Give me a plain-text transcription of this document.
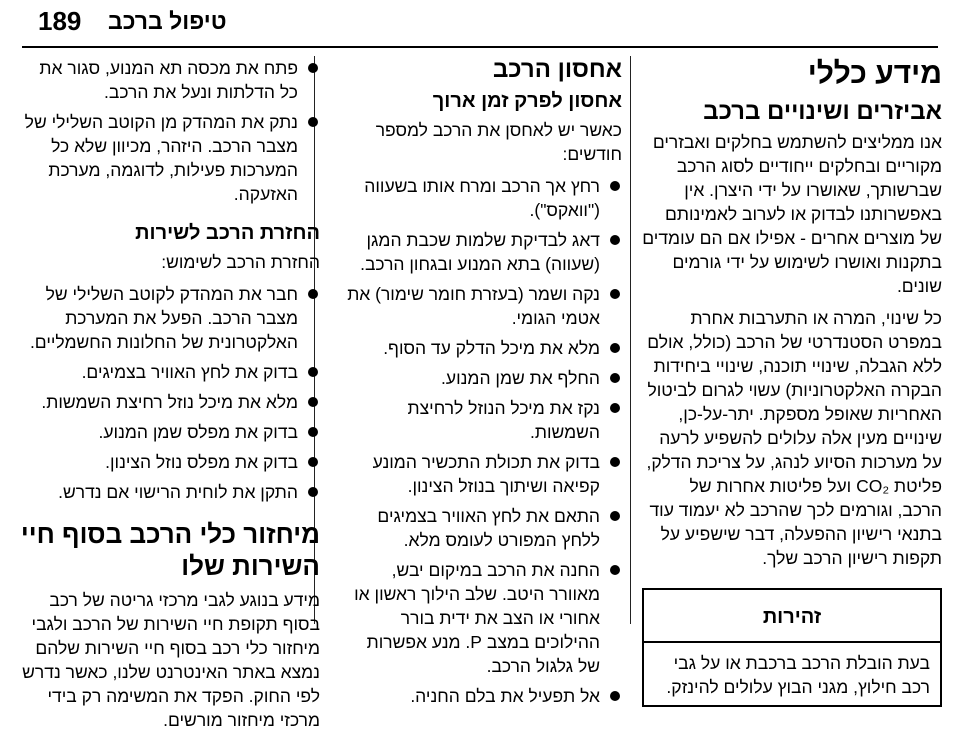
189 טיפול ברכב
מידע כללי
אביזרים ושינויים ברכב

אנו ממליצים להשתמש בחלקים ואבזרים מקוריים ובחלקים ייחודיים לסוג הרכב שברשותך, שאושרו על ידי היצרן. אין באפשרותנו לבדוק או לערוב לאמינותם של מוצרים אחרים - אפילו אם הם עומדים בתקנות ואושרו לשימוש על ידי גורמים שונים.

כל שינוי, המרה או התערבות אחרת במפרט הסטנדרטי של הרכב (כולל, אולם ללא הגבלה, שינויי תוכנה, שינויי ביחידות הבקרה האלקטרוניות) עשוי לגרום לביטול האחריות שאופל מספקת. יתר-על-כן, שינויים מעין אלה עלולים להשפיע לרעה על מערכות הסיוע לנהג, על צריכת הדלק, פליטת CO₂ ועל פליטות אחרות של הרכב, וגורמים לכך שהרכב לא יעמוד עוד בתנאי רישיון ההפעלה, דבר שישפיע על תקפות רישיון הרכב שלך.

זהירות
בעת הובלת הרכב ברכבת או על גבי רכב חילוץ, מגני הבוץ עלולים להינזק.
אחסון הרכב
אחסון לפרק זמן ארוך

כאשר יש לאחסן את הרכב למספר חודשים:

רחץ אך הרכב ומרח אותו בשעווה ("וואקס").
דאג לבדיקת שלמות שכבת המגן (שעווה) בתא המנוע ובגחון הרכב.
נקה ושמר (בעזרת חומר שימור) את אטמי הגומי.
מלא את מיכל הדלק עד הסוף.
החלף את שמן המנוע.
נקז את מיכל הנוזל לרחיצת השמשות.
בדוק את תכולת התכשיר המונע קפיאה ושיתוך בנוזל הצינון.
התאם את לחץ האוויר בצמיגים ללחץ המפורט לעומס מלא.
החנה את הרכב במיקום יבש, מאוורר היטב. שלב הילוך ראשון או אחורי או הצב את ידית בורר ההילוכים במצב P. מנע אפשרות של גלגול הרכב.
אל תפעיל את בלם החניה.
פתח את מכסה תא המנוע, סגור את כל הדלתות ונעל את הרכב.
נתק את המהדק מן הקוטב השלילי של מצבר הרכב. היזהר, מכיוון שלא כל המערכות פעילות, לדוגמה, מערכת האזעקה.
החזרת הרכב לשירות

החזרת הרכב לשימוש:

חבר את המהדק לקוטב השלילי של מצבר הרכב. הפעל את המערכת האלקטרונית של החלונות החשמליים.
בדוק את לחץ האוויר בצמיגים.
מלא את מיכל נוזל רחיצת השמשות.
בדוק את מפלס שמן המנוע.
בדוק את מפלס נוזל הצינון.
התקן את לוחית הרישוי אם נדרש.
מיחזור כלי הרכב בסוף חיי השירות שלו

מידע בנוגע לגבי מרכזי גריטה של רכב בסוף תקופת חיי השירות של הרכב ולגבי מיחזור כלי רכב בסוף חיי השירות שלהם נמצא באתר האינטרנט שלנו, כאשר נדרש לפי החוק. הפקד את המשימה רק בידי מרכזי מיחזור מורשים.
